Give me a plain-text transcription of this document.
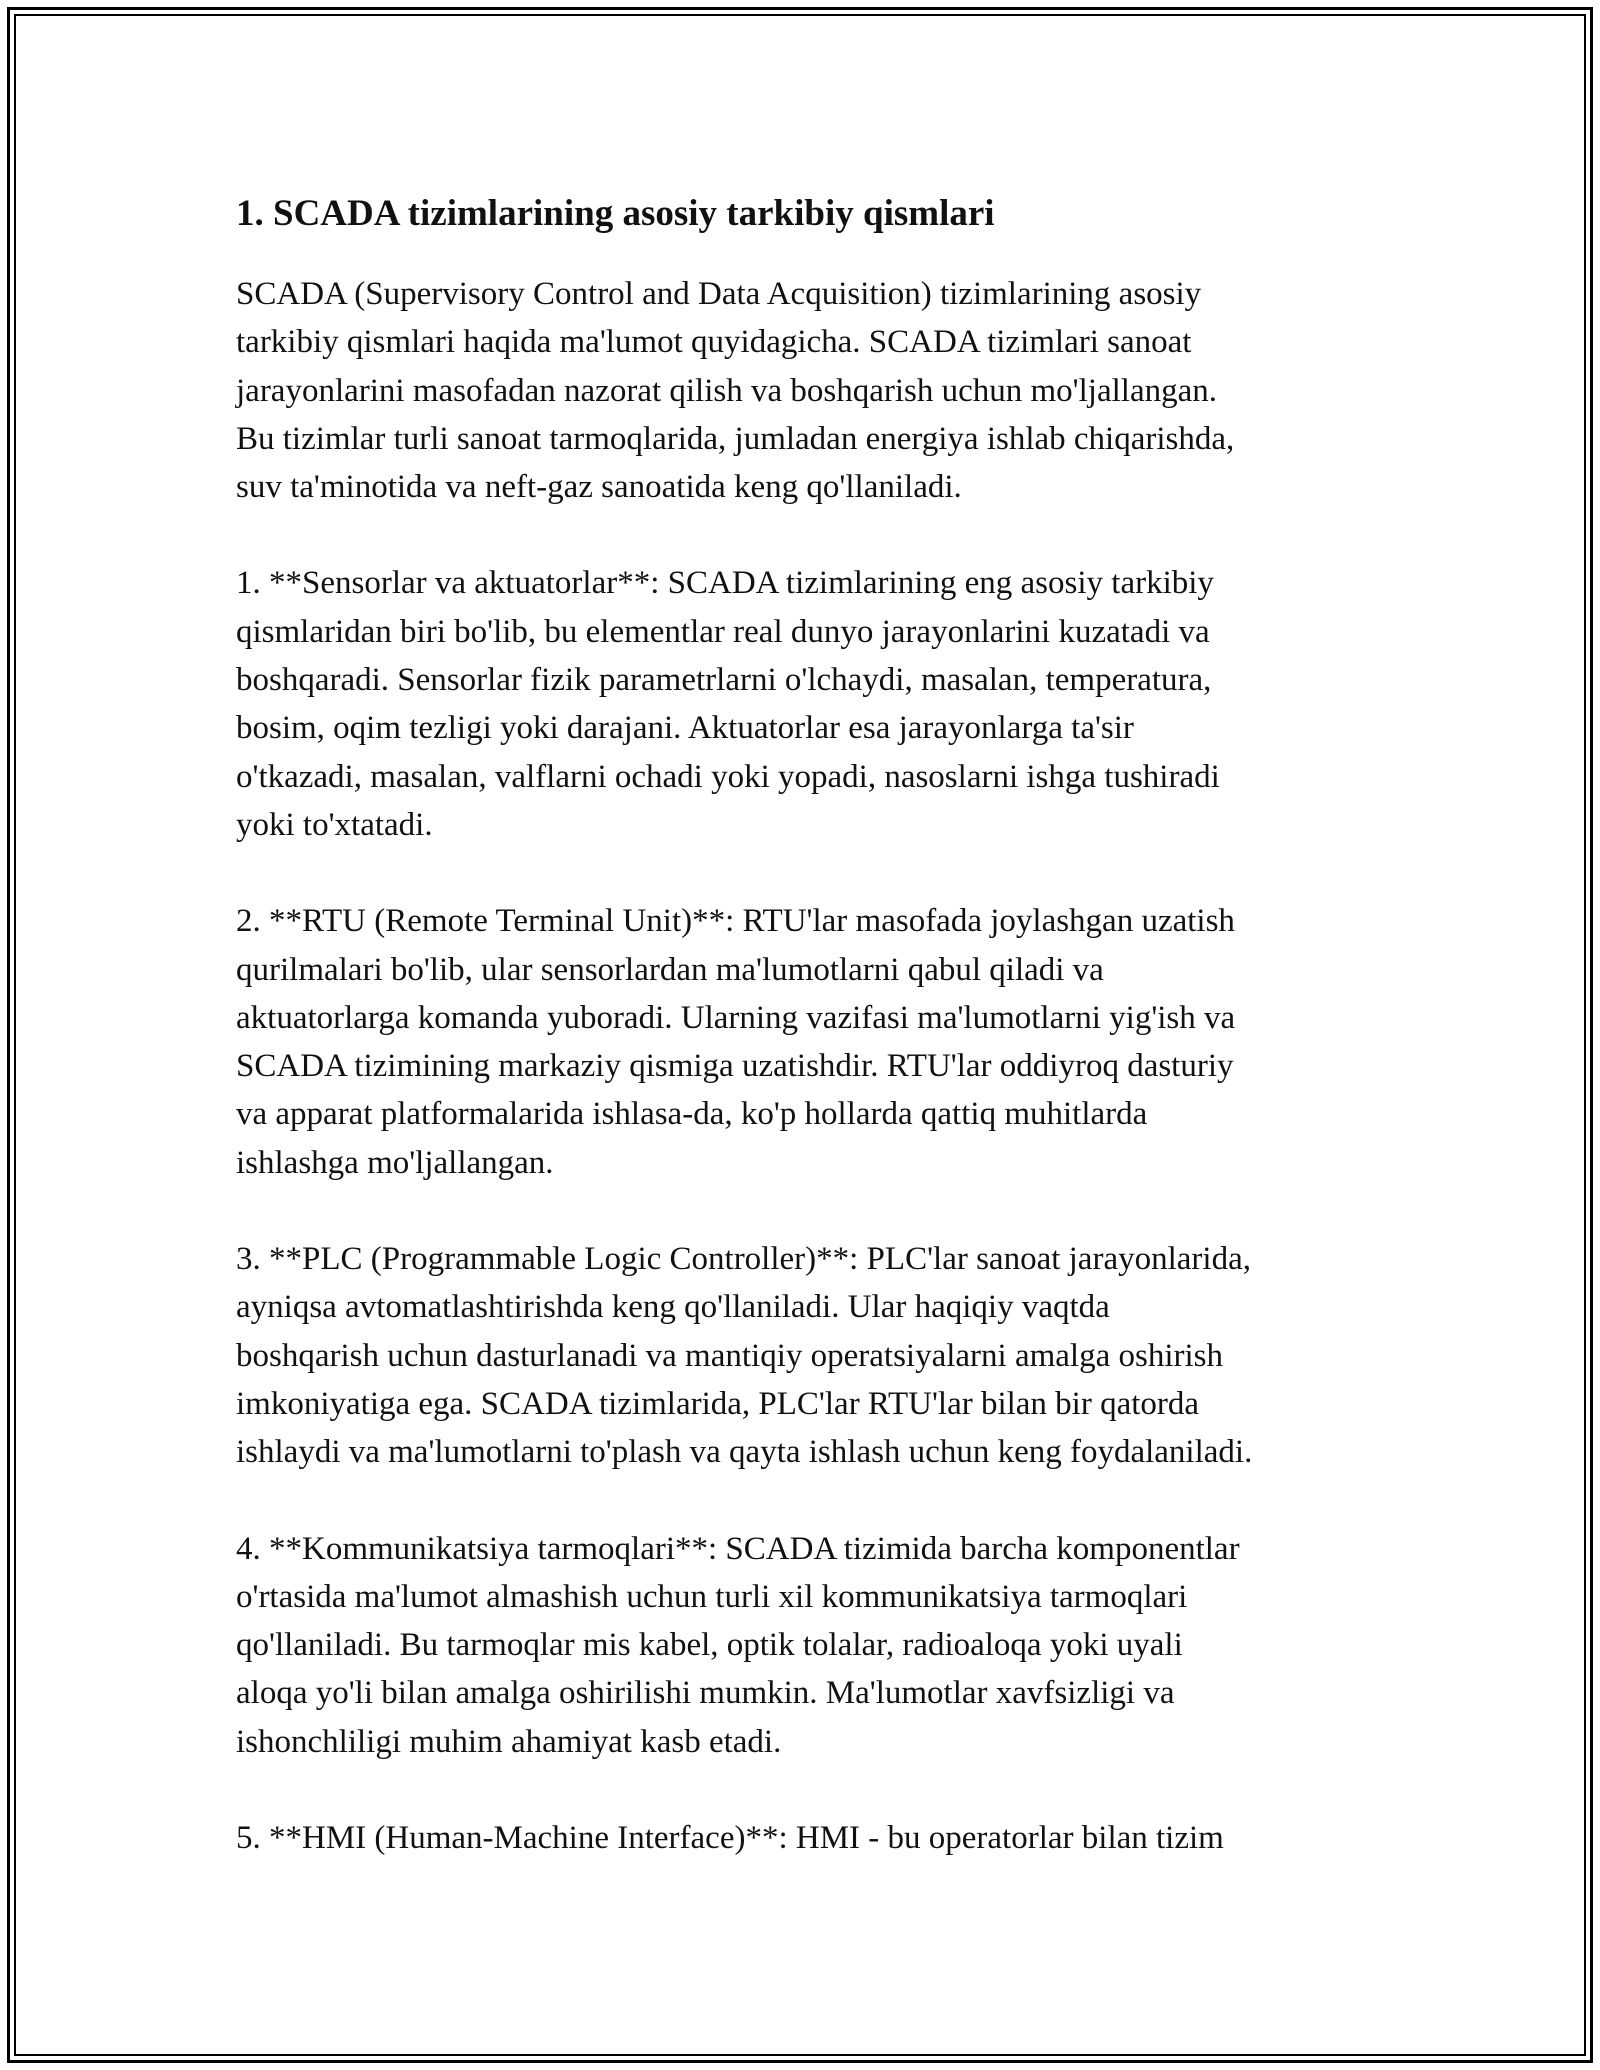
1. SCADA tizimlarining asosiy tarkibiy qismlari

SCADA (Supervisory Control and Data Acquisition) tizimlarining asosiy
tarkibiy qismlari haqida ma'lumot quyidagicha. SCADA tizimlari sanoat
jarayonlarini masofadan nazorat qilish va boshqarish uchun mo'ljallangan.
Bu tizimlar turli sanoat tarmoqlarida, jumladan energiya ishlab chiqarishda,
suv ta'minotida va neft-gaz sanoatida keng qo'llaniladi.

1. **Sensorlar va aktuatorlar**: SCADA tizimlarining eng asosiy tarkibiy
qismlaridan biri bo'lib, bu elementlar real dunyo jarayonlarini kuzatadi va
boshqaradi. Sensorlar fizik parametrlarni o'lchaydi, masalan, temperatura,
bosim, oqim tezligi yoki darajani. Aktuatorlar esa jarayonlarga ta'sir
o'tkazadi, masalan, valflarni ochadi yoki yopadi, nasoslarni ishga tushiradi
yoki to'xtatadi.

2. **RTU (Remote Terminal Unit)**: RTU'lar masofada joylashgan uzatish
qurilmalari bo'lib, ular sensorlardan ma'lumotlarni qabul qiladi va
aktuatorlarga komanda yuboradi. Ularning vazifasi ma'lumotlarni yig'ish va
SCADA tizimining markaziy qismiga uzatishdir. RTU'lar oddiyroq dasturiy
va apparat platformalarida ishlasa-da, ko'p hollarda qattiq muhitlarda
ishlashga mo'ljallangan.

3. **PLC (Programmable Logic Controller)**: PLC'lar sanoat jarayonlarida,
ayniqsa avtomatlashtirishda keng qo'llaniladi. Ular haqiqiy vaqtda
boshqarish uchun dasturlanadi va mantiqiy operatsiyalarni amalga oshirish
imkoniyatiga ega. SCADA tizimlarida, PLC'lar RTU'lar bilan bir qatorda
ishlaydi va ma'lumotlarni to'plash va qayta ishlash uchun keng foydalaniladi.

4. **Kommunikatsiya tarmoqlari**: SCADA tizimida barcha komponentlar
o'rtasida ma'lumot almashish uchun turli xil kommunikatsiya tarmoqlari
qo'llaniladi. Bu tarmoqlar mis kabel, optik tolalar, radioaloqa yoki uyali
aloqa yo'li bilan amalga oshirilishi mumkin. Ma'lumotlar xavfsizligi va
ishonchliligi muhim ahamiyat kasb etadi.

5. **HMI (Human-Machine Interface)**: HMI - bu operatorlar bilan tizim
